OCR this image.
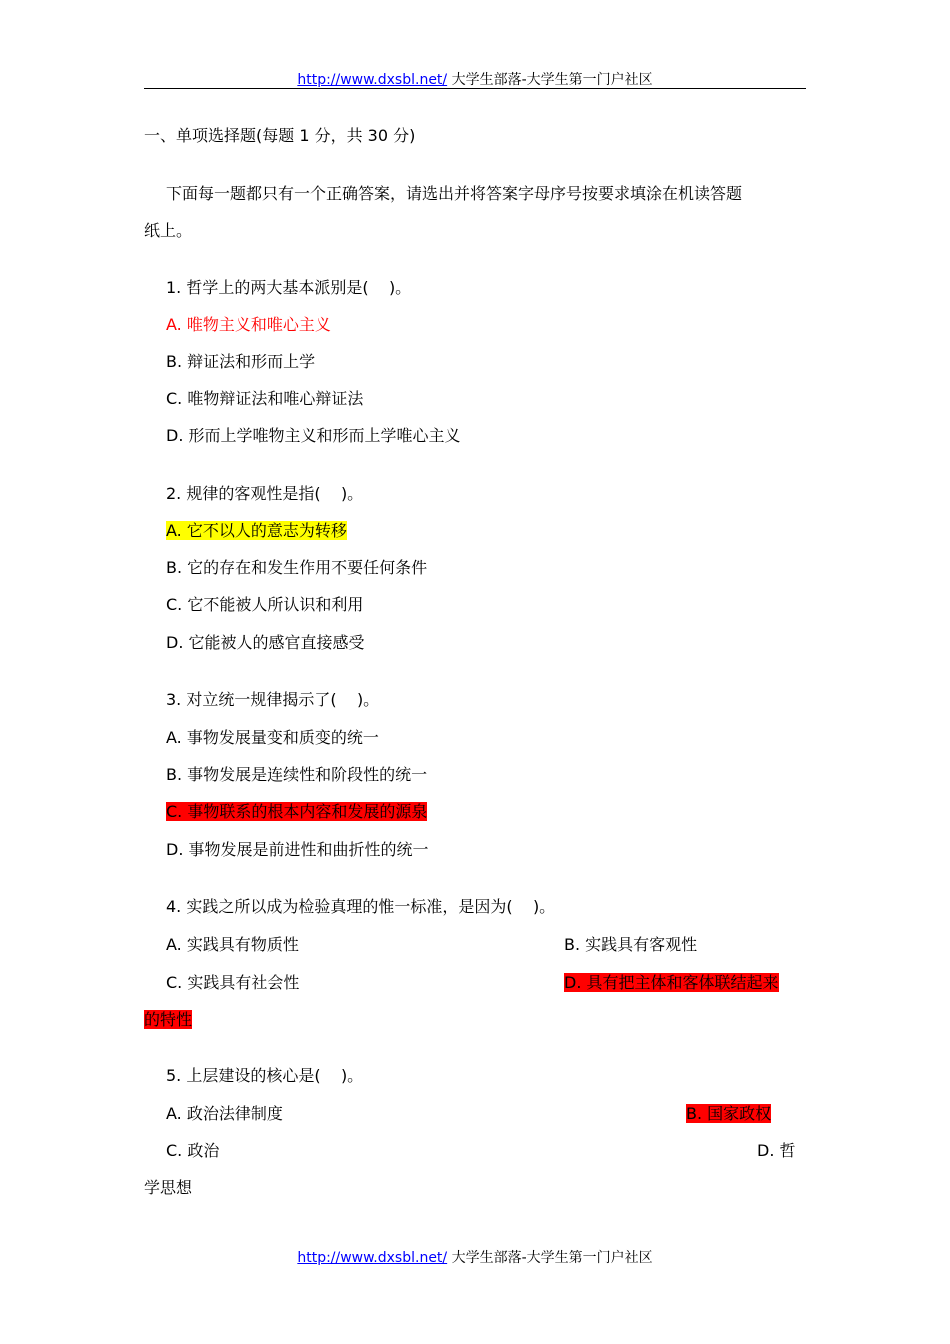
http://www.dxsbl.net/ 大学生部落-大学生第一门户社区
一、单项选择题(每题 1 分，共 30 分)
下面每一题都只有一个正确答案，请选出并将答案字母序号按要求填涂在机读答题
纸上。
1. 哲学上的两大基本派别是(    )。
A. 唯物主义和唯心主义
B. 辩证法和形而上学
C. 唯物辩证法和唯心辩证法
D. 形而上学唯物主义和形而上学唯心主义
2. 规律的客观性是指(    )。
A. 它不以人的意志为转移
B. 它的存在和发生作用不要任何条件
C. 它不能被人所认识和利用
D. 它能被人的感官直接感受
3. 对立统一规律揭示了(    )。
A. 事物发展量变和质变的统一
B. 事物发展是连续性和阶段性的统一
C. 事物联系的根本内容和发展的源泉
D. 事物发展是前进性和曲折性的统一
4. 实践之所以成为检验真理的惟一标准，是因为(    )。
A. 实践具有物质性	B. 实践具有客观性
C. 实践具有社会性	D. 具有把主体和客体联结起来
的特性
5. 上层建设的核心是(    )。
A. 政治法律制度	B. 国家政权
C. 政治	D. 哲
学思想
http://www.dxsbl.net/ 大学生部落-大学生第一门户社区
